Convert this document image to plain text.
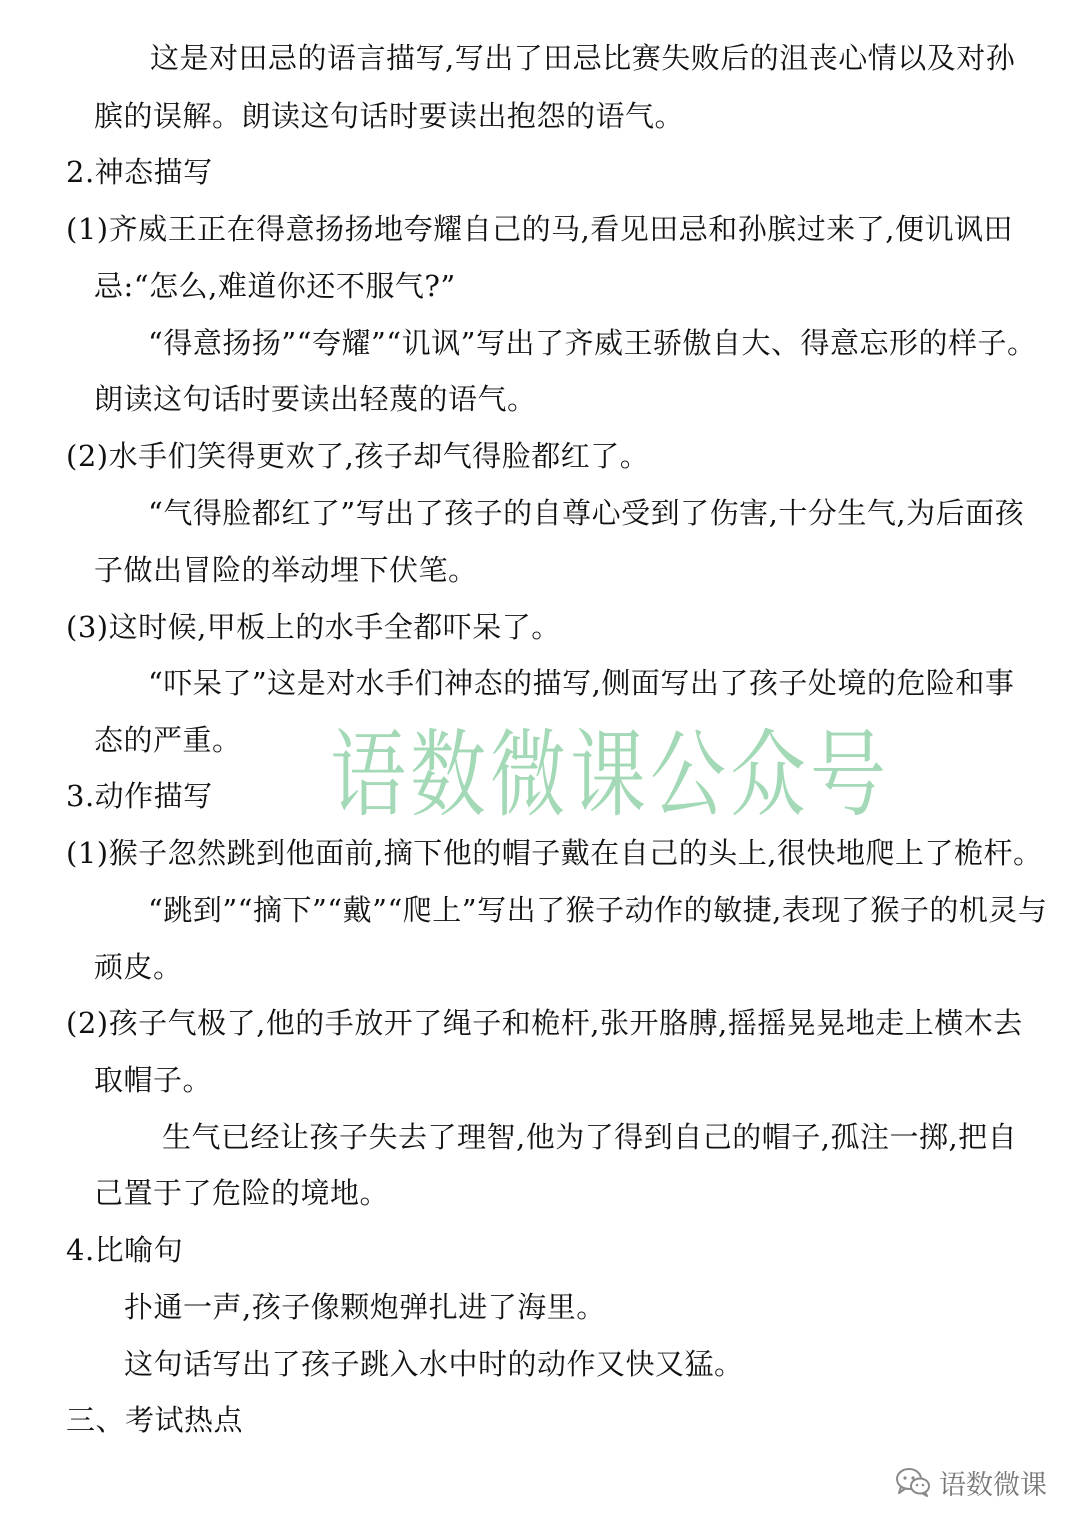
这是对田忌的语言描写,写出了田忌比赛失败后的沮丧心情以及对孙
膑的误解。朗读这句话时要读出抱怨的语气。
2.神态描写
(1)齐威王正在得意扬扬地夸耀自己的马,看见田忌和孙膑过来了,便讥讽田
忌:“怎么,难道你还不服气?”
“得意扬扬”“夸耀”“讥讽”写出了齐威王骄傲自大、得意忘形的样子。
朗读这句话时要读出轻蔑的语气。
(2)水手们笑得更欢了,孩子却气得脸都红了。
“气得脸都红了”写出了孩子的自尊心受到了伤害,十分生气,为后面孩
子做出冒险的举动埋下伏笔。
(3)这时候,甲板上的水手全都吓呆了。
“吓呆了”这是对水手们神态的描写,侧面写出了孩子处境的危险和事
态的严重。
3.动作描写
(1)猴子忽然跳到他面前,摘下他的帽子戴在自己的头上,很快地爬上了桅杆。
“跳到”“摘下”“戴”“爬上”写出了猴子动作的敏捷,表现了猴子的机灵与
顽皮。
(2)孩子气极了,他的手放开了绳子和桅杆,张开胳膊,摇摇晃晃地走上横木去
取帽子。
生气已经让孩子失去了理智,他为了得到自己的帽子,孤注一掷,把自
己置于了危险的境地。
4.比喻句
扑通一声,孩子像颗炮弹扎进了海里。
这句话写出了孩子跳入水中时的动作又快又猛。
三、考试热点
语数微课公众号
语数微课
